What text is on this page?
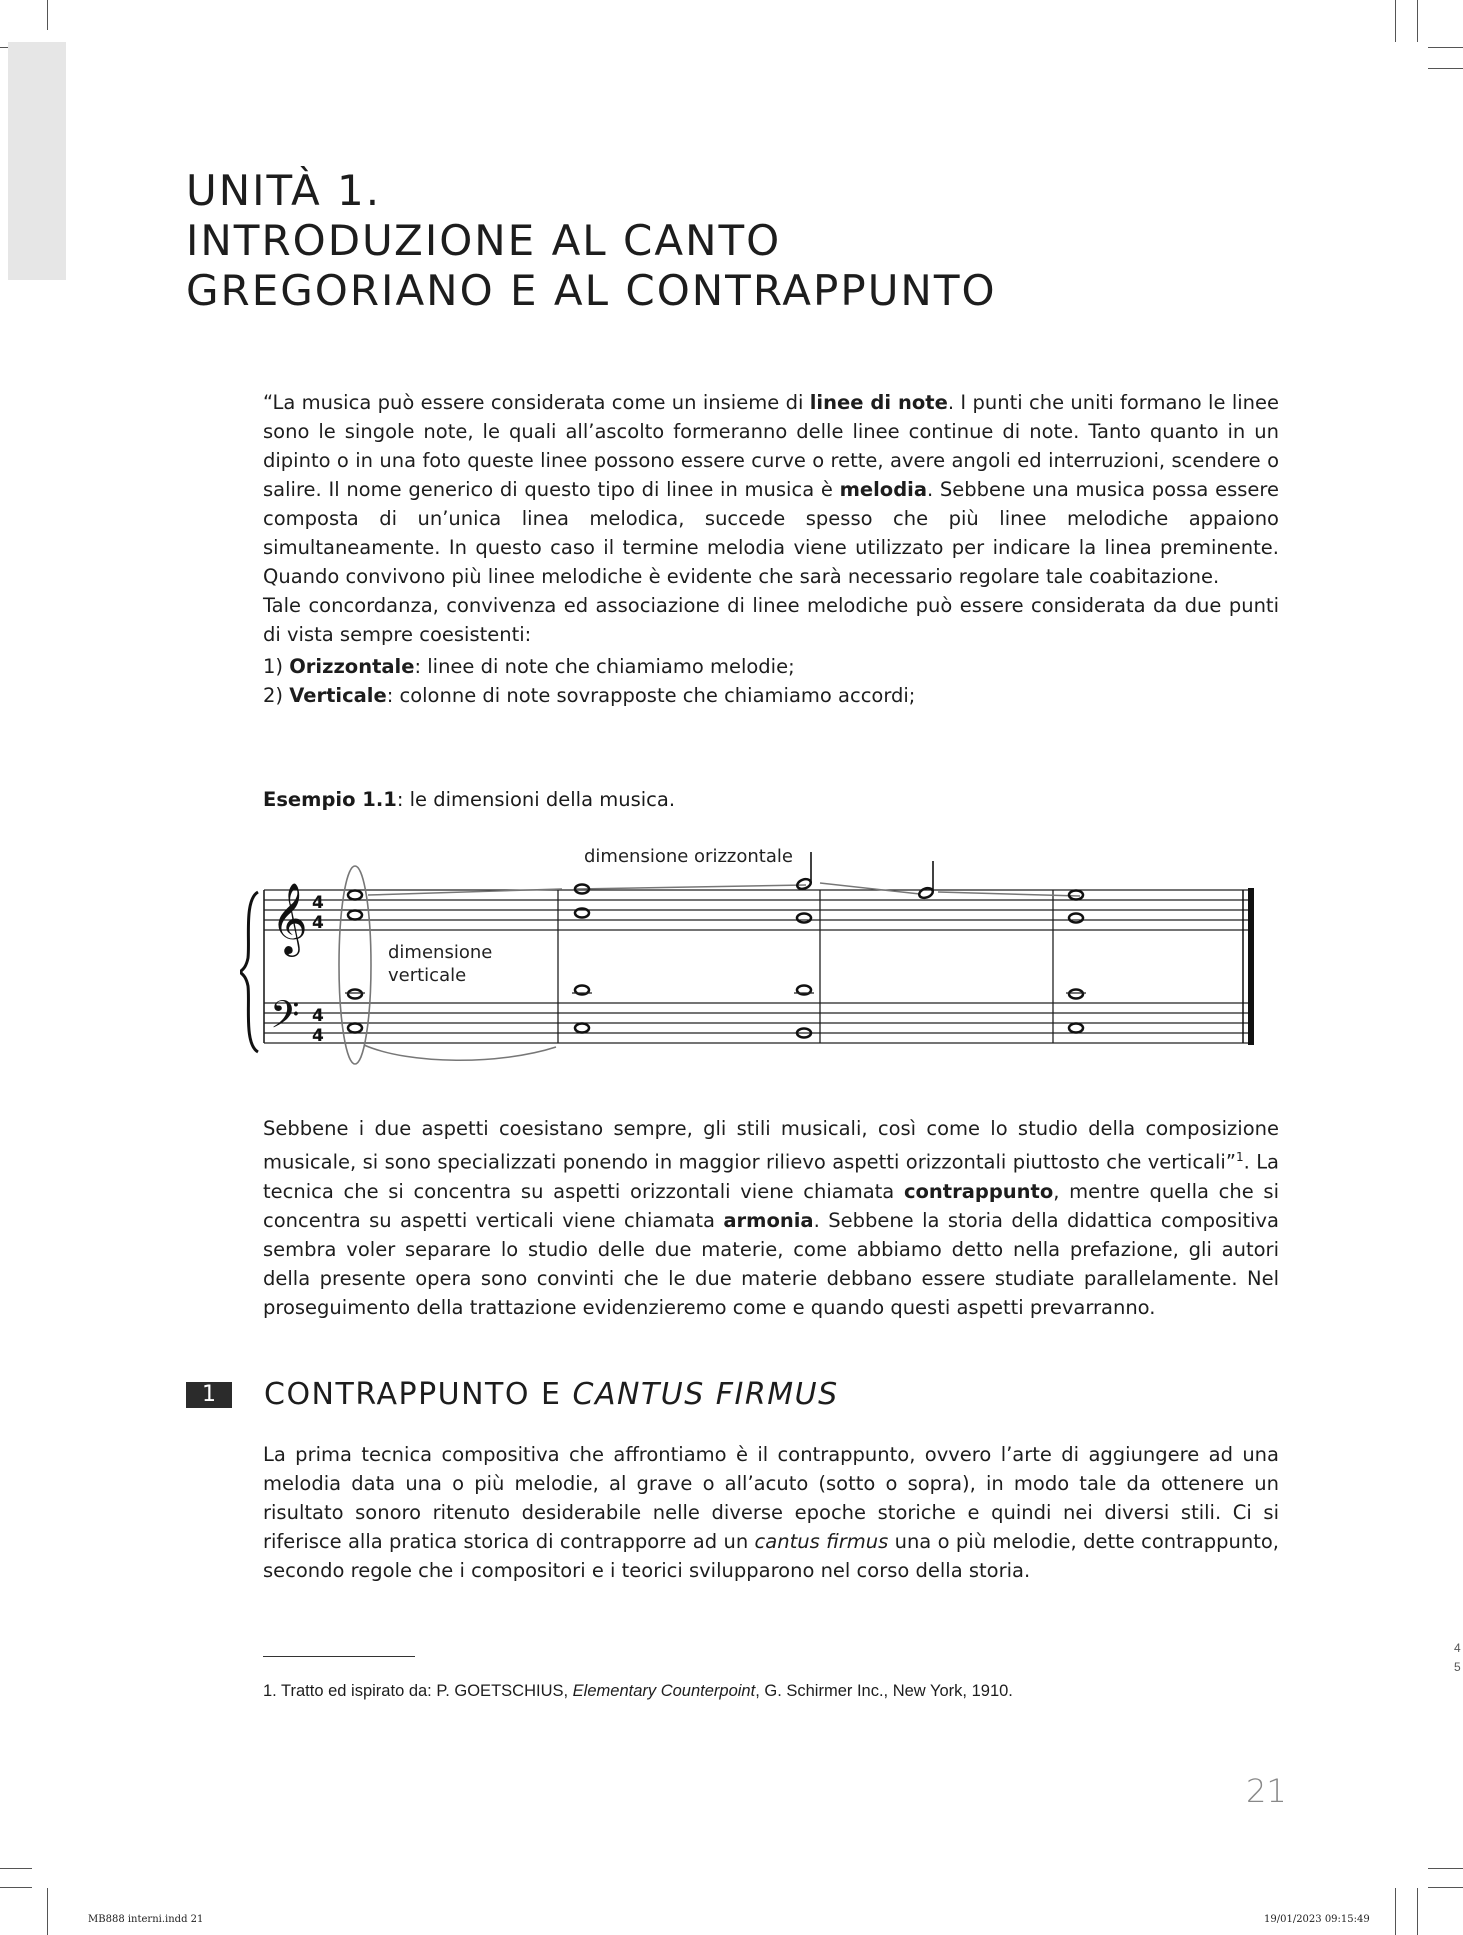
UNITÀ 1.
INTRODUZIONE AL CANTO
GREGORIANO E AL CONTRAPPUNTO

“La musica può essere considerata come un insieme di linee di note. I punti che uniti formano le linee sono le singole note, le quali all’ascolto formeranno delle linee continue di note. Tanto quanto in un dipinto o in una foto queste linee possono essere curve o rette, avere angoli ed interruzioni, scendere o salire. Il nome generico di questo tipo di linee in musica è melodia. Sebbene una musica possa essere composta di un’unica linea melodica, succede spesso che più linee melodiche appaiono simultaneamente. In questo caso il termine melodia viene utilizzato per indicare la linea preminente. Quando convivono più linee melodiche è evidente che sarà necessario regolare tale coabitazione.

Tale concordanza, convivenza ed associazione di linee melodiche può essere considerata da due punti di vista sempre coesistenti:

1) Orizzontale: linee di note che chiamiamo melodie;

2) Verticale: colonne di note sovrapposte che chiamiamo accordi;

Esempio 1.1: le dimensioni della musica.
𝄞
𝄢
4
4
4
4
dimensione
verticale
dimensione orizzontale

Sebbene i due aspetti coesistano sempre, gli stili musicali, così come lo studio della composizione musicale, si sono specializzati ponendo in maggior rilievo aspetti orizzontali piuttosto che verticali”$^1$. La tecnica che si concentra su aspetti orizzontali viene chiamata contrappunto, mentre quella che si concentra su aspetti verticali viene chiamata armonia. Sebbene la storia della didattica compositiva sembra voler separare lo studio delle due materie, come abbiamo detto nella prefazione, gli autori della presente opera sono convinti che le due materie debbano essere studiate parallelamente. Nel proseguimento della trattazione evidenzieremo come e quando questi aspetti prevarranno.

1	CONTRAPPUNTO E CANTUS FIRMUS

La prima tecnica compositiva che affrontiamo è il contrappunto, ovvero l’arte di aggiungere ad una melodia data una o più melodie, al grave o all’acuto (sotto o sopra), in modo tale da ottenere un risultato sonoro ritenuto desiderabile nelle diverse epoche storiche e quindi nei diversi stili. Ci si riferisce alla pratica storica di contrapporre ad un cantus firmus una o più melodie, dette contrappunto, secondo regole che i compositori e i teorici svilupparono nel corso della storia.

1. Tratto ed ispirato da: P. GOETSCHIUS, Elementary Counterpoint, G. Schirmer Inc., New York, 1910.
21
4
5
MB888 interni.indd 21	19/01/2023 09:15:49
